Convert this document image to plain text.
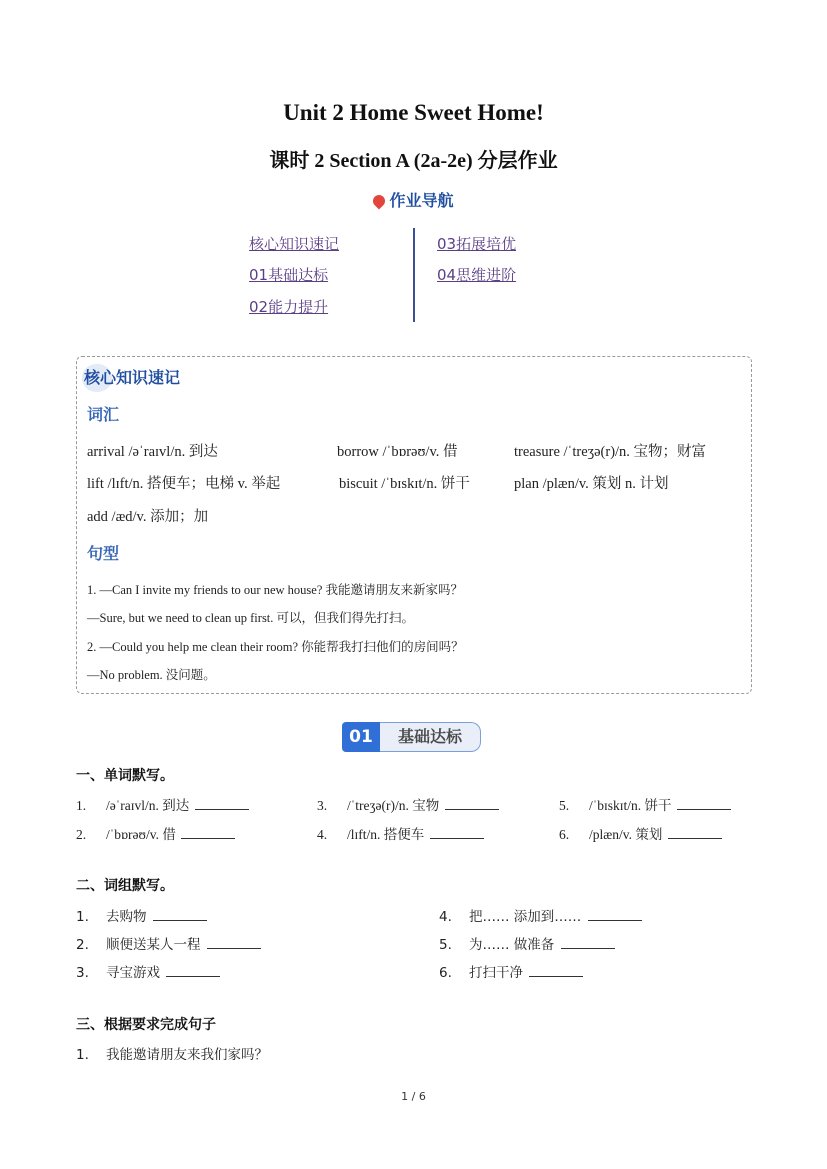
Unit 2 Home Sweet Home!
课时 2 Section A (2a-2e) 分层作业
作业导航
核心知识速记
01基础达标
02能力提升
03拓展培优
04思维进阶
核心知识速记
词汇
arrival /əˈraɪvl/n. 到达	borrow /ˈbɒrəʊ/v. 借	treasure /ˈtreʒə(r)/n. 宝物；财富
lift /lɪft/n. 搭便车；电梯 v. 举起	biscuit /ˈbɪskɪt/n. 饼干	plan /plæn/v. 策划 n. 计划
add /æd/v. 添加；加
句型
1. —Can I invite my friends to our new house? 我能邀请朋友来新家吗？
—Sure, but we need to clean up first. 可以，但我们得先打扫。
2. —Could you help me clean their room? 你能帮我打扫他们的房间吗？
—No problem. 没问题。
01	基础达标
一、单词默写。
1. /əˈraɪvl/n. 到达	3. /ˈtreʒə(r)/n. 宝物	5. /ˈbɪskɪt/n. 饼干
2. /ˈbɒrəʊ/v. 借	4. /lɪft/n. 搭便车	6. /plæn/v. 策划
二、词组默写。
1. 去购物	4. 把…… 添加到……
2. 顺便送某人一程	5. 为…… 做准备
3. 寻宝游戏	6. 打扫干净
三、根据要求完成句子
1. 我能邀请朋友来我们家吗？
1 / 6
